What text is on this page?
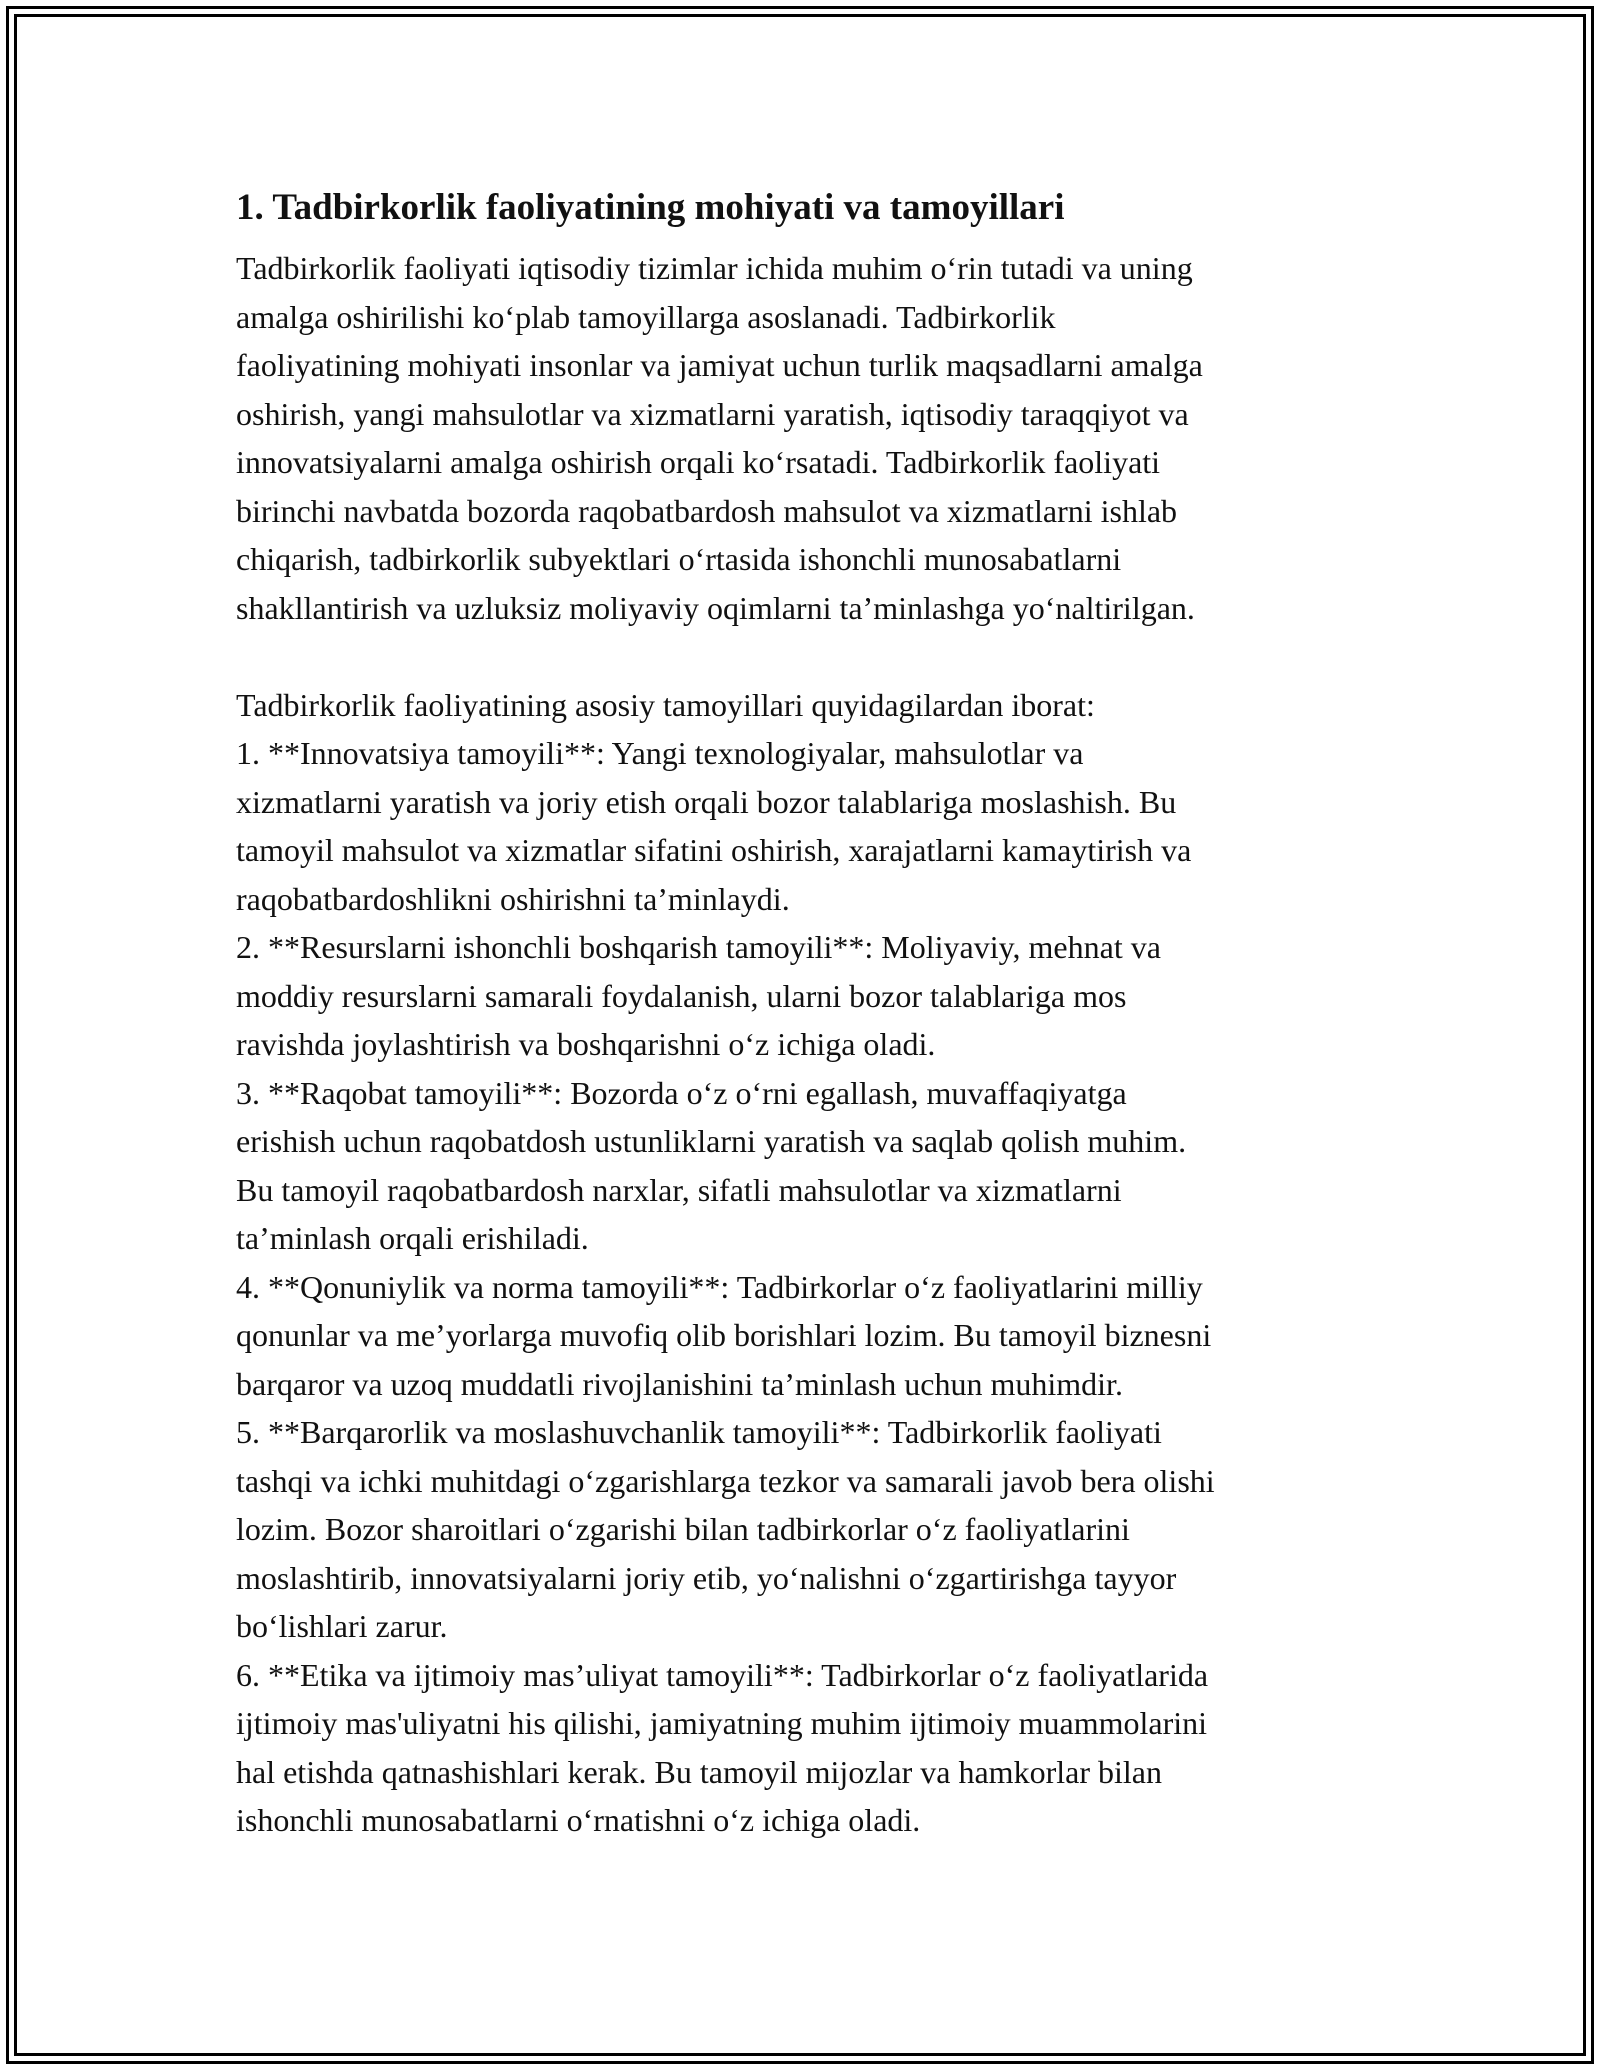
1. Tadbirkorlik faoliyatining mohiyati va tamoyillari
Tadbirkorlik faoliyati iqtisodiy tizimlar ichida muhim oʻrin tutadi va uning
amalga oshirilishi koʻplab tamoyillarga asoslanadi. Tadbirkorlik
faoliyatining mohiyati insonlar va jamiyat uchun turlik maqsadlarni amalga
oshirish, yangi mahsulotlar va xizmatlarni yaratish, iqtisodiy taraqqiyot va
innovatsiyalarni amalga oshirish orqali koʻrsatadi. Tadbirkorlik faoliyati
birinchi navbatda bozorda raqobatbardosh mahsulot va xizmatlarni ishlab
chiqarish, tadbirkorlik subyektlari oʻrtasida ishonchli munosabatlarni
shakllantirish va uzluksiz moliyaviy oqimlarni taʼminlashga yoʻnaltirilgan.
Tadbirkorlik faoliyatining asosiy tamoyillari quyidagilardan iborat:
1. **Innovatsiya tamoyili**: Yangi texnologiyalar, mahsulotlar va
xizmatlarni yaratish va joriy etish orqali bozor talablariga moslashish. Bu
tamoyil mahsulot va xizmatlar sifatini oshirish, xarajatlarni kamaytirish va
raqobatbardoshlikni oshirishni taʼminlaydi.
2. **Resurslarni ishonchli boshqarish tamoyili**: Moliyaviy, mehnat va
moddiy resurslarni samarali foydalanish, ularni bozor talablariga mos
ravishda joylashtirish va boshqarishni oʻz ichiga oladi.
3. **Raqobat tamoyili**: Bozorda oʻz oʻrni egallash, muvaffaqiyatga
erishish uchun raqobatdosh ustunliklarni yaratish va saqlab qolish muhim.
Bu tamoyil raqobatbardosh narxlar, sifatli mahsulotlar va xizmatlarni
taʼminlash orqali erishiladi.
4. **Qonuniylik va norma tamoyili**: Tadbirkorlar oʻz faoliyatlarini milliy
qonunlar va meʼyorlarga muvofiq olib borishlari lozim. Bu tamoyil biznesni
barqaror va uzoq muddatli rivojlanishini taʼminlash uchun muhimdir.
5. **Barqarorlik va moslashuvchanlik tamoyili**: Tadbirkorlik faoliyati
tashqi va ichki muhitdagi oʻzgarishlarga tezkor va samarali javob bera olishi
lozim. Bozor sharoitlari oʻzgarishi bilan tadbirkorlar oʻz faoliyatlarini
moslashtirib, innovatsiyalarni joriy etib, yoʻnalishni oʻzgartirishga tayyor
boʻlishlari zarur.
6. **Etika va ijtimoiy masʼuliyat tamoyili**: Tadbirkorlar oʻz faoliyatlarida
ijtimoiy mas'uliyatni his qilishi, jamiyatning muhim ijtimoiy muammolarini
hal etishda qatnashishlari kerak. Bu tamoyil mijozlar va hamkorlar bilan
ishonchli munosabatlarni oʻrnatishni oʻz ichiga oladi.
